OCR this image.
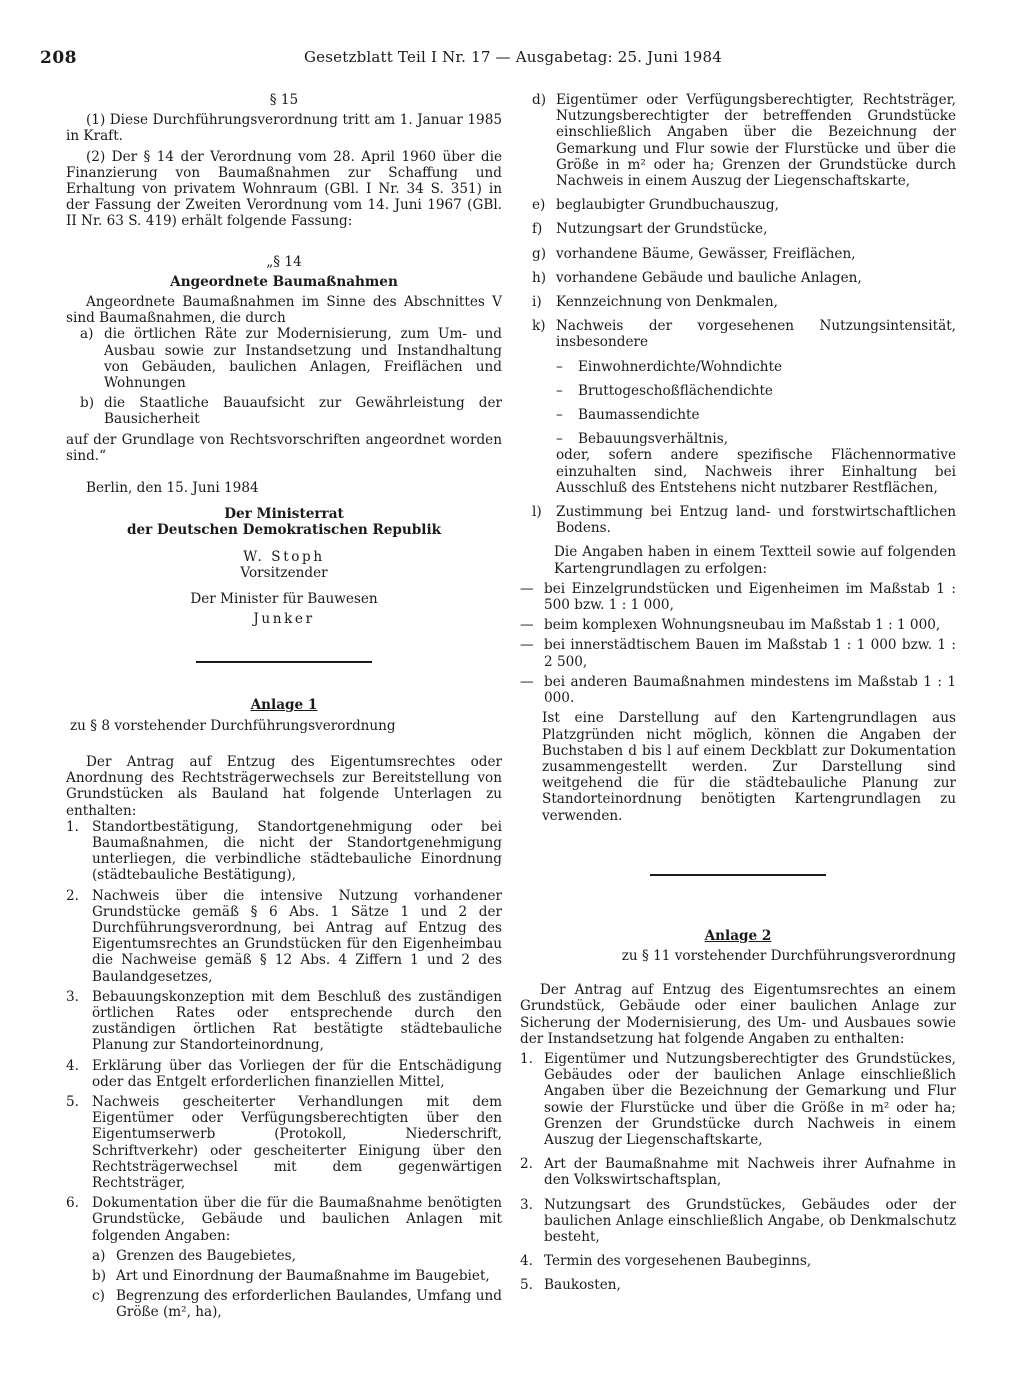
208	Gesetzblatt Teil I Nr. 17 — Ausgabetag: 25. Juni 1984

§ 15

(1) Diese Durchführungsverordnung tritt am 1. Januar 1985 in Kraft.

(2) Der § 14 der Verordnung vom 28. April 1960 über die Finanzierung von Baumaßnahmen zur Schaffung und Erhaltung von privatem Wohnraum (GBl. I Nr. 34 S. 351) in der Fassung der Zweiten Verordnung vom 14. Juni 1967 (GBl. II Nr. 63 S. 419) erhält folgende Fassung:

„§ 14

Angeordnete Baumaßnahmen

Angeordnete Baumaßnahmen im Sinne des Abschnittes V sind Baumaßnahmen, die durch

a) die örtlichen Räte zur Modernisierung, zum Um- und Ausbau sowie zur Instandsetzung und Instandhaltung von Gebäuden, baulichen Anlagen, Freiflächen und Wohnungen
b) die Staatliche Bauaufsicht zur Gewährleistung der Bausicherheit

auf der Grundlage von Rechtsvorschriften angeordnet worden sind.“

Berlin, den 15. Juni 1984

Der Ministerrat

der Deutschen Demokratischen Republik

W. Stoph

Vorsitzender

Der Minister für Bauwesen

Junker

Anlage 1

zu § 8 vorstehender Durchführungsverordnung

Der Antrag auf Entzug des Eigentumsrechtes oder Anordnung des Rechtsträgerwechsels zur Bereitstellung von Grundstücken als Bauland hat folgende Unterlagen zu enthalten:

1. Standortbestätigung, Standortgenehmigung oder bei Baumaßnahmen, die nicht der Standortgenehmigung unterliegen, die verbindliche städtebauliche Einordnung (städtebauliche Bestätigung),
2. Nachweis über die intensive Nutzung vorhandener Grundstücke gemäß § 6 Abs. 1 Sätze 1 und 2 der Durchführungsverordnung, bei Antrag auf Entzug des Eigentumsrechtes an Grundstücken für den Eigenheimbau die Nachweise gemäß § 12 Abs. 4 Ziffern 1 und 2 des Baulandgesetzes,
3. Bebauungskonzeption mit dem Beschluß des zuständigen örtlichen Rates oder entsprechende durch den zuständigen örtlichen Rat bestätigte städtebauliche Planung zur Standorteinordnung,
4. Erklärung über das Vorliegen der für die Entschädigung oder das Entgelt erforderlichen finanziellen Mittel,
5. Nachweis gescheiterter Verhandlungen mit dem Eigentümer oder Verfügungsberechtigten über den Eigentumserwerb (Protokoll, Niederschrift, Schriftverkehr) oder gescheiterter Einigung über den Rechtsträgerwechsel mit dem gegenwärtigen Rechtsträger,
6. Dokumentation über die für die Baumaßnahme benötigten Grundstücke, Gebäude und baulichen Anlagen mit folgenden Angaben:
a) Grenzen des Baugebietes,
b) Art und Einordnung der Baumaßnahme im Baugebiet,
c) Begrenzung des erforderlichen Baulandes, Umfang und Größe (m², ha),
d) Eigentümer oder Verfügungsberechtigter, Rechtsträger, Nutzungsberechtigter der betreffenden Grundstücke einschließlich Angaben über die Bezeichnung der Gemarkung und Flur sowie der Flurstücke und über die Größe in m² oder ha; Grenzen der Grundstücke durch Nachweis in einem Auszug der Liegenschaftskarte,
e) beglaubigter Grundbuchauszug,
f)	Nutzungsart der Grundstücke,
g) vorhandene Bäume, Gewässer, Freiflächen,
h) vorhandene Gebäude und bauliche Anlagen,
i)	Kennzeichnung von Denkmalen,
k) Nachweis der vorgesehenen Nutzungsintensität, insbesondere
–	Einwohnerdichte/Wohndichte
–	Bruttogeschoßflächendichte
–	Baumassendichte
–	Bebauungsverhältnis,

oder, sofern andere spezifische Flächennormative einzuhalten sind, Nachweis ihrer Einhaltung bei Ausschluß des Entstehens nicht nutzbarer Restflächen,

l)	Zustimmung bei Entzug land- und forstwirtschaftlichen Bodens.

Die Angaben haben in einem Textteil sowie auf folgenden Kartengrundlagen zu erfolgen:

— bei Einzelgrundstücken und Eigenheimen im Maßstab 1 : 500 bzw. 1 : 1 000,
— beim komplexen Wohnungsneubau im Maßstab 1 : 1 000,
— bei innerstädtischem Bauen im Maßstab 1 : 1 000 bzw. 1 : 2 500,
— bei anderen Baumaßnahmen mindestens im Maßstab 1 : 1 000.

Ist eine Darstellung auf den Kartengrundlagen aus Platzgründen nicht möglich, können die Angaben der Buchstaben d bis l auf einem Deckblatt zur Dokumentation zusammengestellt werden. Zur Darstellung sind weitgehend die für die städtebauliche Planung zur Standorteinordnung benötigten Kartengrundlagen zu verwenden.

Anlage 2

zu § 11 vorstehender Durchführungsverordnung

Der Antrag auf Entzug des Eigentumsrechtes an einem Grundstück, Gebäude oder einer baulichen Anlage zur Sicherung der Modernisierung, des Um- und Ausbaues sowie der Instandsetzung hat folgende Angaben zu enthalten:

1. Eigentümer und Nutzungsberechtigter des Grundstückes, Gebäudes oder der baulichen Anlage einschließlich Angaben über die Bezeichnung der Gemarkung und Flur sowie der Flurstücke und über die Größe in m² oder ha; Grenzen der Grundstücke durch Nachweis in einem Auszug der Liegenschaftskarte,
2. Art der Baumaßnahme mit Nachweis ihrer Aufnahme in den Volkswirtschaftsplan,
3. Nutzungsart des Grundstückes, Gebäudes oder der baulichen Anlage einschließlich Angabe, ob Denkmalschutz besteht,
4. Termin des vorgesehenen Baubeginns,
5. Baukosten,
